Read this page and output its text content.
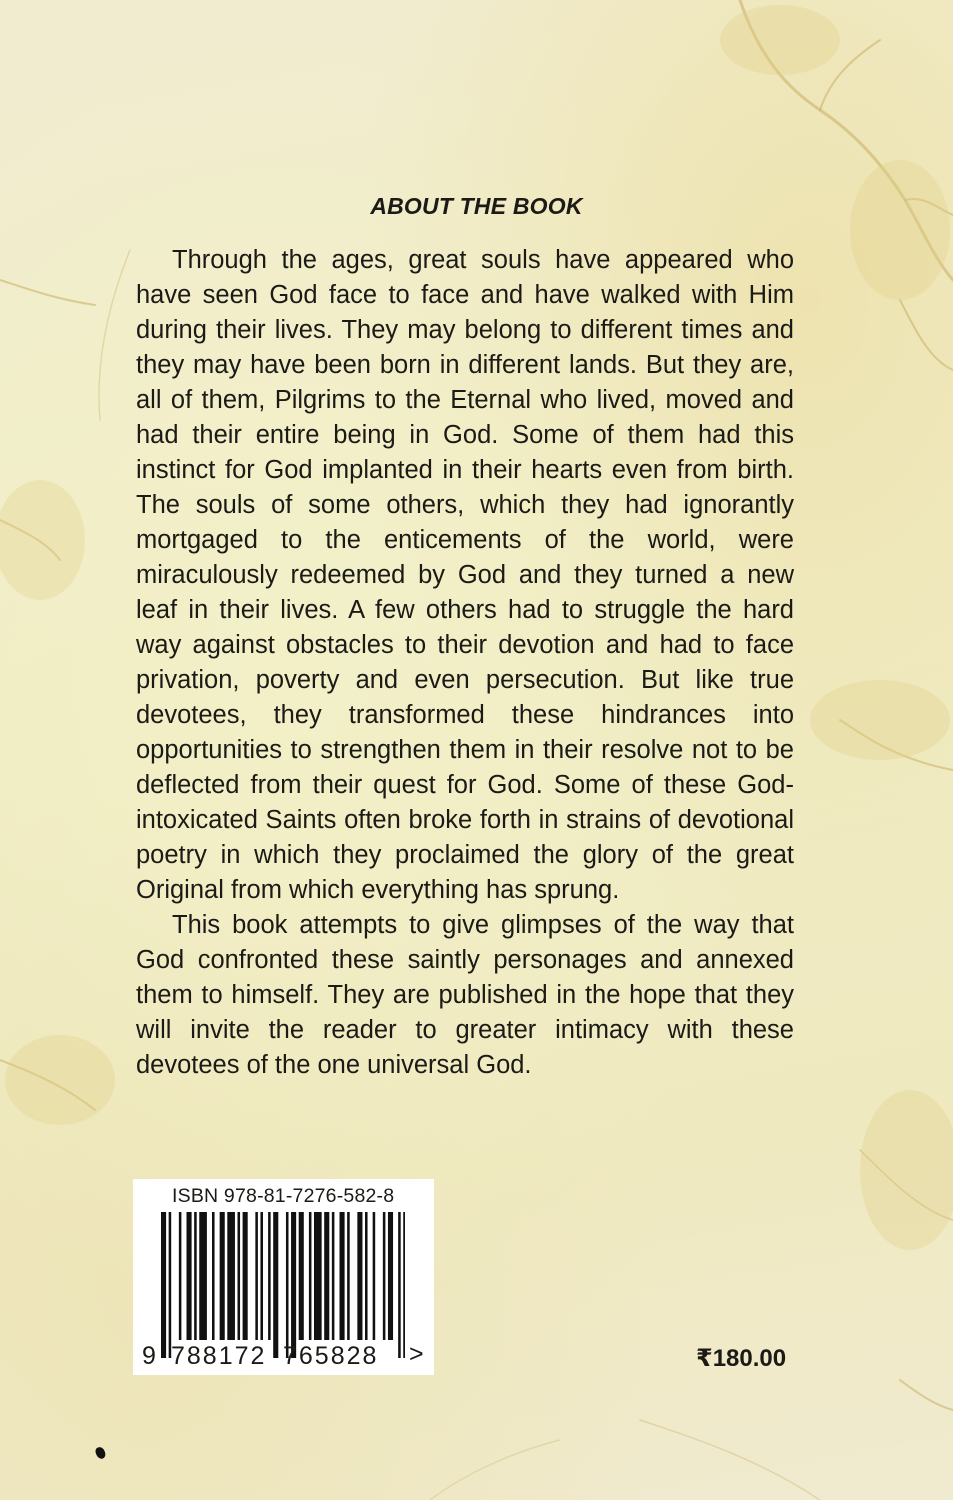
ABOUT THE BOOK

Through the ages, great souls have appeared who have seen God face to face and have walked with Him during their lives. They may belong to different times and they may have been born in different lands. But they are, all of them, Pilgrims to the Eternal who lived, moved and had their entire being in God. Some of them had this instinct for God implanted in their hearts even from birth. The souls of some others, which they had ignorantly mortgaged to the enticements of the world, were miraculously redeemed by God and they turned a new leaf in their lives. A few others had to struggle the hard way against obstacles to their devotion and had to face privation, poverty and even persecution. But like true devotees, they transformed these hindrances into opportunities to strengthen them in their resolve not to be deflected from their quest for God. Some of these God-intoxicated Saints often broke forth in strains of devotional poetry in which they proclaimed the glory of the great Original from which everything has sprung.

This book attempts to give glimpses of the way that God confronted these saintly personages and annexed them to himself. They are published in the hope that they will invite the reader to greater intimacy with these devotees of the one universal God.

ISBN 978-81-7276-582-8
9 788172 765828 >	₹180.00
